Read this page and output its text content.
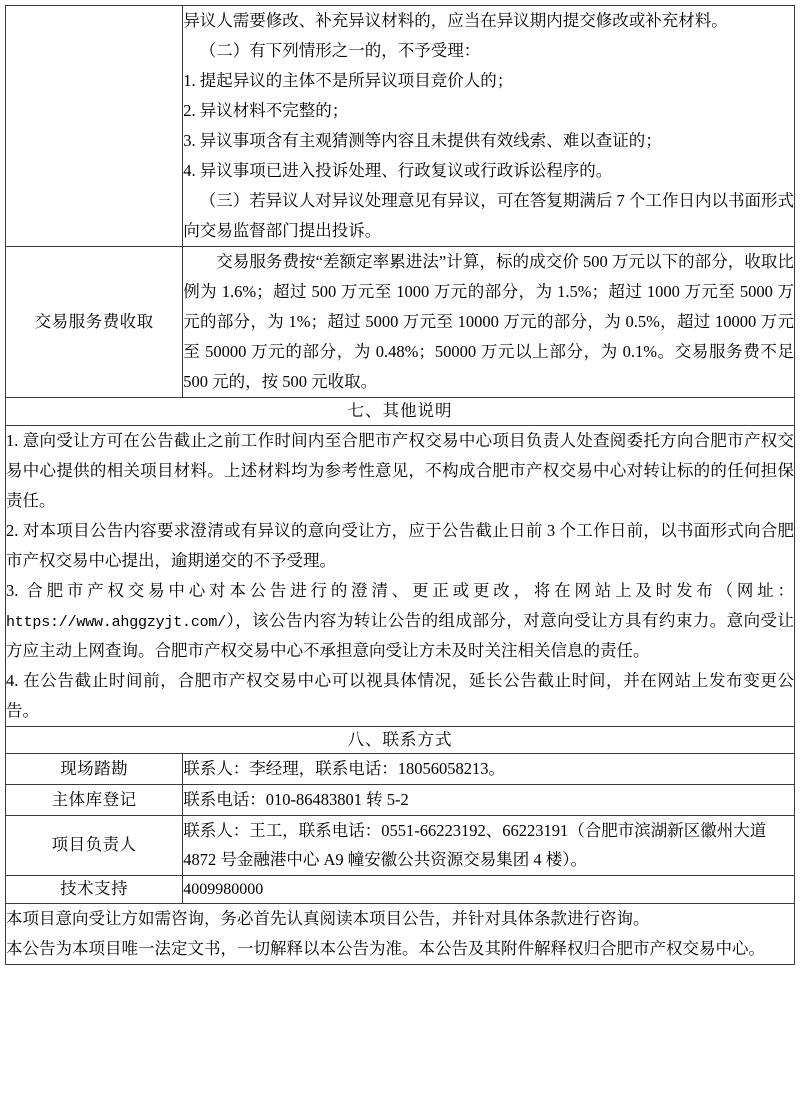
异议人需要修改、补充异议材料的，应当在异议期内提交修改或补充材料。

（二）有下列情形之一的，不予受理：

1. 提起异议的主体不是所异议项目竞价人的；

2. 异议材料不完整的；

3. 异议事项含有主观猜测等内容且未提供有效线索、难以查证的；

4. 异议事项已进入投诉处理、行政复议或行政诉讼程序的。

（三）若异议人对异议处理意见有异议，可在答复期满后 7 个工作日内以书面形式向交易监督部门提出投诉。

交易服务费收取	交易服务费按“差额定率累进法”计算，标的成交价 500 万元以下的部分，收取比例为 1.6%；超过 500 万元至 1000 万元的部分，为 1.5%；超过 1000 万元至 5000 万元的部分，为 1%；超过 5000 万元至 10000 万元的部分，为 0.5%，超过 10000 万元至 50000 万元的部分，为 0.48%；50000 万元以上部分，为 0.1%。交易服务费不足 500 元的，按 500 元收取。

七、其他说明	

1. 意向受让方可在公告截止之前工作时间内至合肥市产权交易中心项目负责人处查阅委托方向合肥市产权交易中心提供的相关项目材料。上述材料均为参考性意见，不构成合肥市产权交易中心对转让标的的任何担保责任。

2. 对本项目公告内容要求澄清或有异议的意向受让方，应于公告截止日前 3 个工作日前，以书面形式向合肥市产权交易中心提出，逾期递交的不予受理。

3. 合肥市产权交易中心对本公告进行的澄清、更正或更改，将在网站上及时发布（网址：https://www.ahggzyjt.com/），该公告内容为转让公告的组成部分，对意向受让方具有约束力。意向受让方应主动上网查询。合肥市产权交易中心不承担意向受让方未及时关注相关信息的责任。

4. 在公告截止时间前，合肥市产权交易中心可以视具体情况，延长公告截止时间，并在网站上发布变更公告。	

八、联系方式	
现场踏勘	联系人：李经理，联系电话：18056058213。
主体库登记	联系电话：010-86483801 转 5-2
项目负责人	联系人：王工，联系电话：0551-66223192、66223191（合肥市滨湖新区徽州大道 4872 号金融港中心 A9 幢安徽公共资源交易集团 4 楼）。
技术支持	4009980000

本项目意向受让方如需咨询，务必首先认真阅读本项目公告，并针对具体条款进行咨询。

本公告为本项目唯一法定文书，一切解释以本公告为准。本公告及其附件解释权归合肥市产权交易中心。	
